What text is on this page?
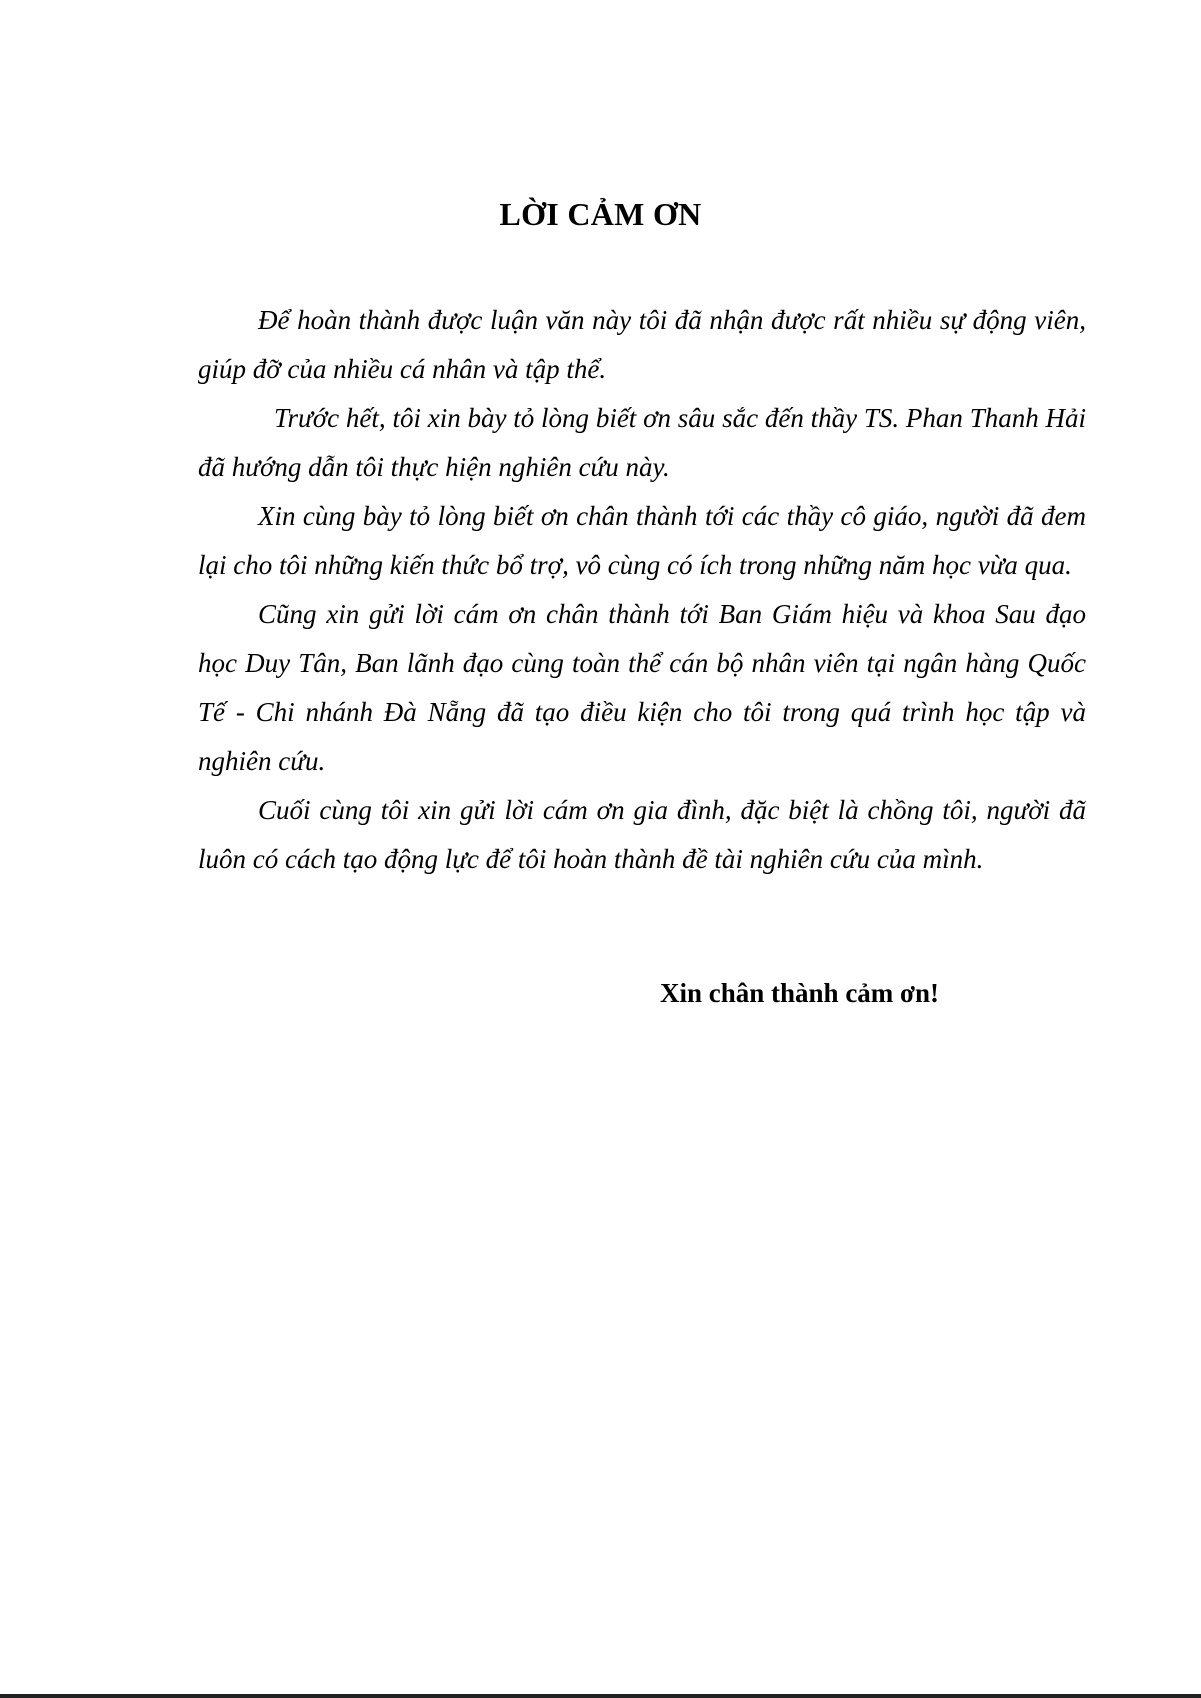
LỜI CẢM ƠN

Để hoàn thành được luận văn này tôi đã nhận được rất nhiều sự động viên, giúp đỡ của nhiều cá nhân và tập thể.

Trước hết, tôi xin bày tỏ lòng biết ơn sâu sắc đến thầy TS. Phan Thanh Hải đã hướng dẫn tôi thực hiện nghiên cứu này.

Xin cùng bày tỏ lòng biết ơn chân thành tới các thầy cô giáo, người đã đem lại cho tôi những kiến thức bổ trợ, vô cùng có ích trong những năm học vừa qua.

Cũng xin gửi lời cám ơn chân thành tới Ban Giám hiệu và khoa Sau đạo học Duy Tân, Ban lãnh đạo cùng toàn thể cán bộ nhân viên tại ngân hàng Quốc Tế - Chi nhánh Đà Nẵng đã tạo điều kiện cho tôi trong quá trình học tập và nghiên cứu.

Cuối cùng tôi xin gửi lời cám ơn gia đình, đặc biệt là chồng tôi, người đã luôn có cách tạo động lực để tôi hoàn thành đề tài nghiên cứu của mình.

Xin chân thành cảm ơn!
